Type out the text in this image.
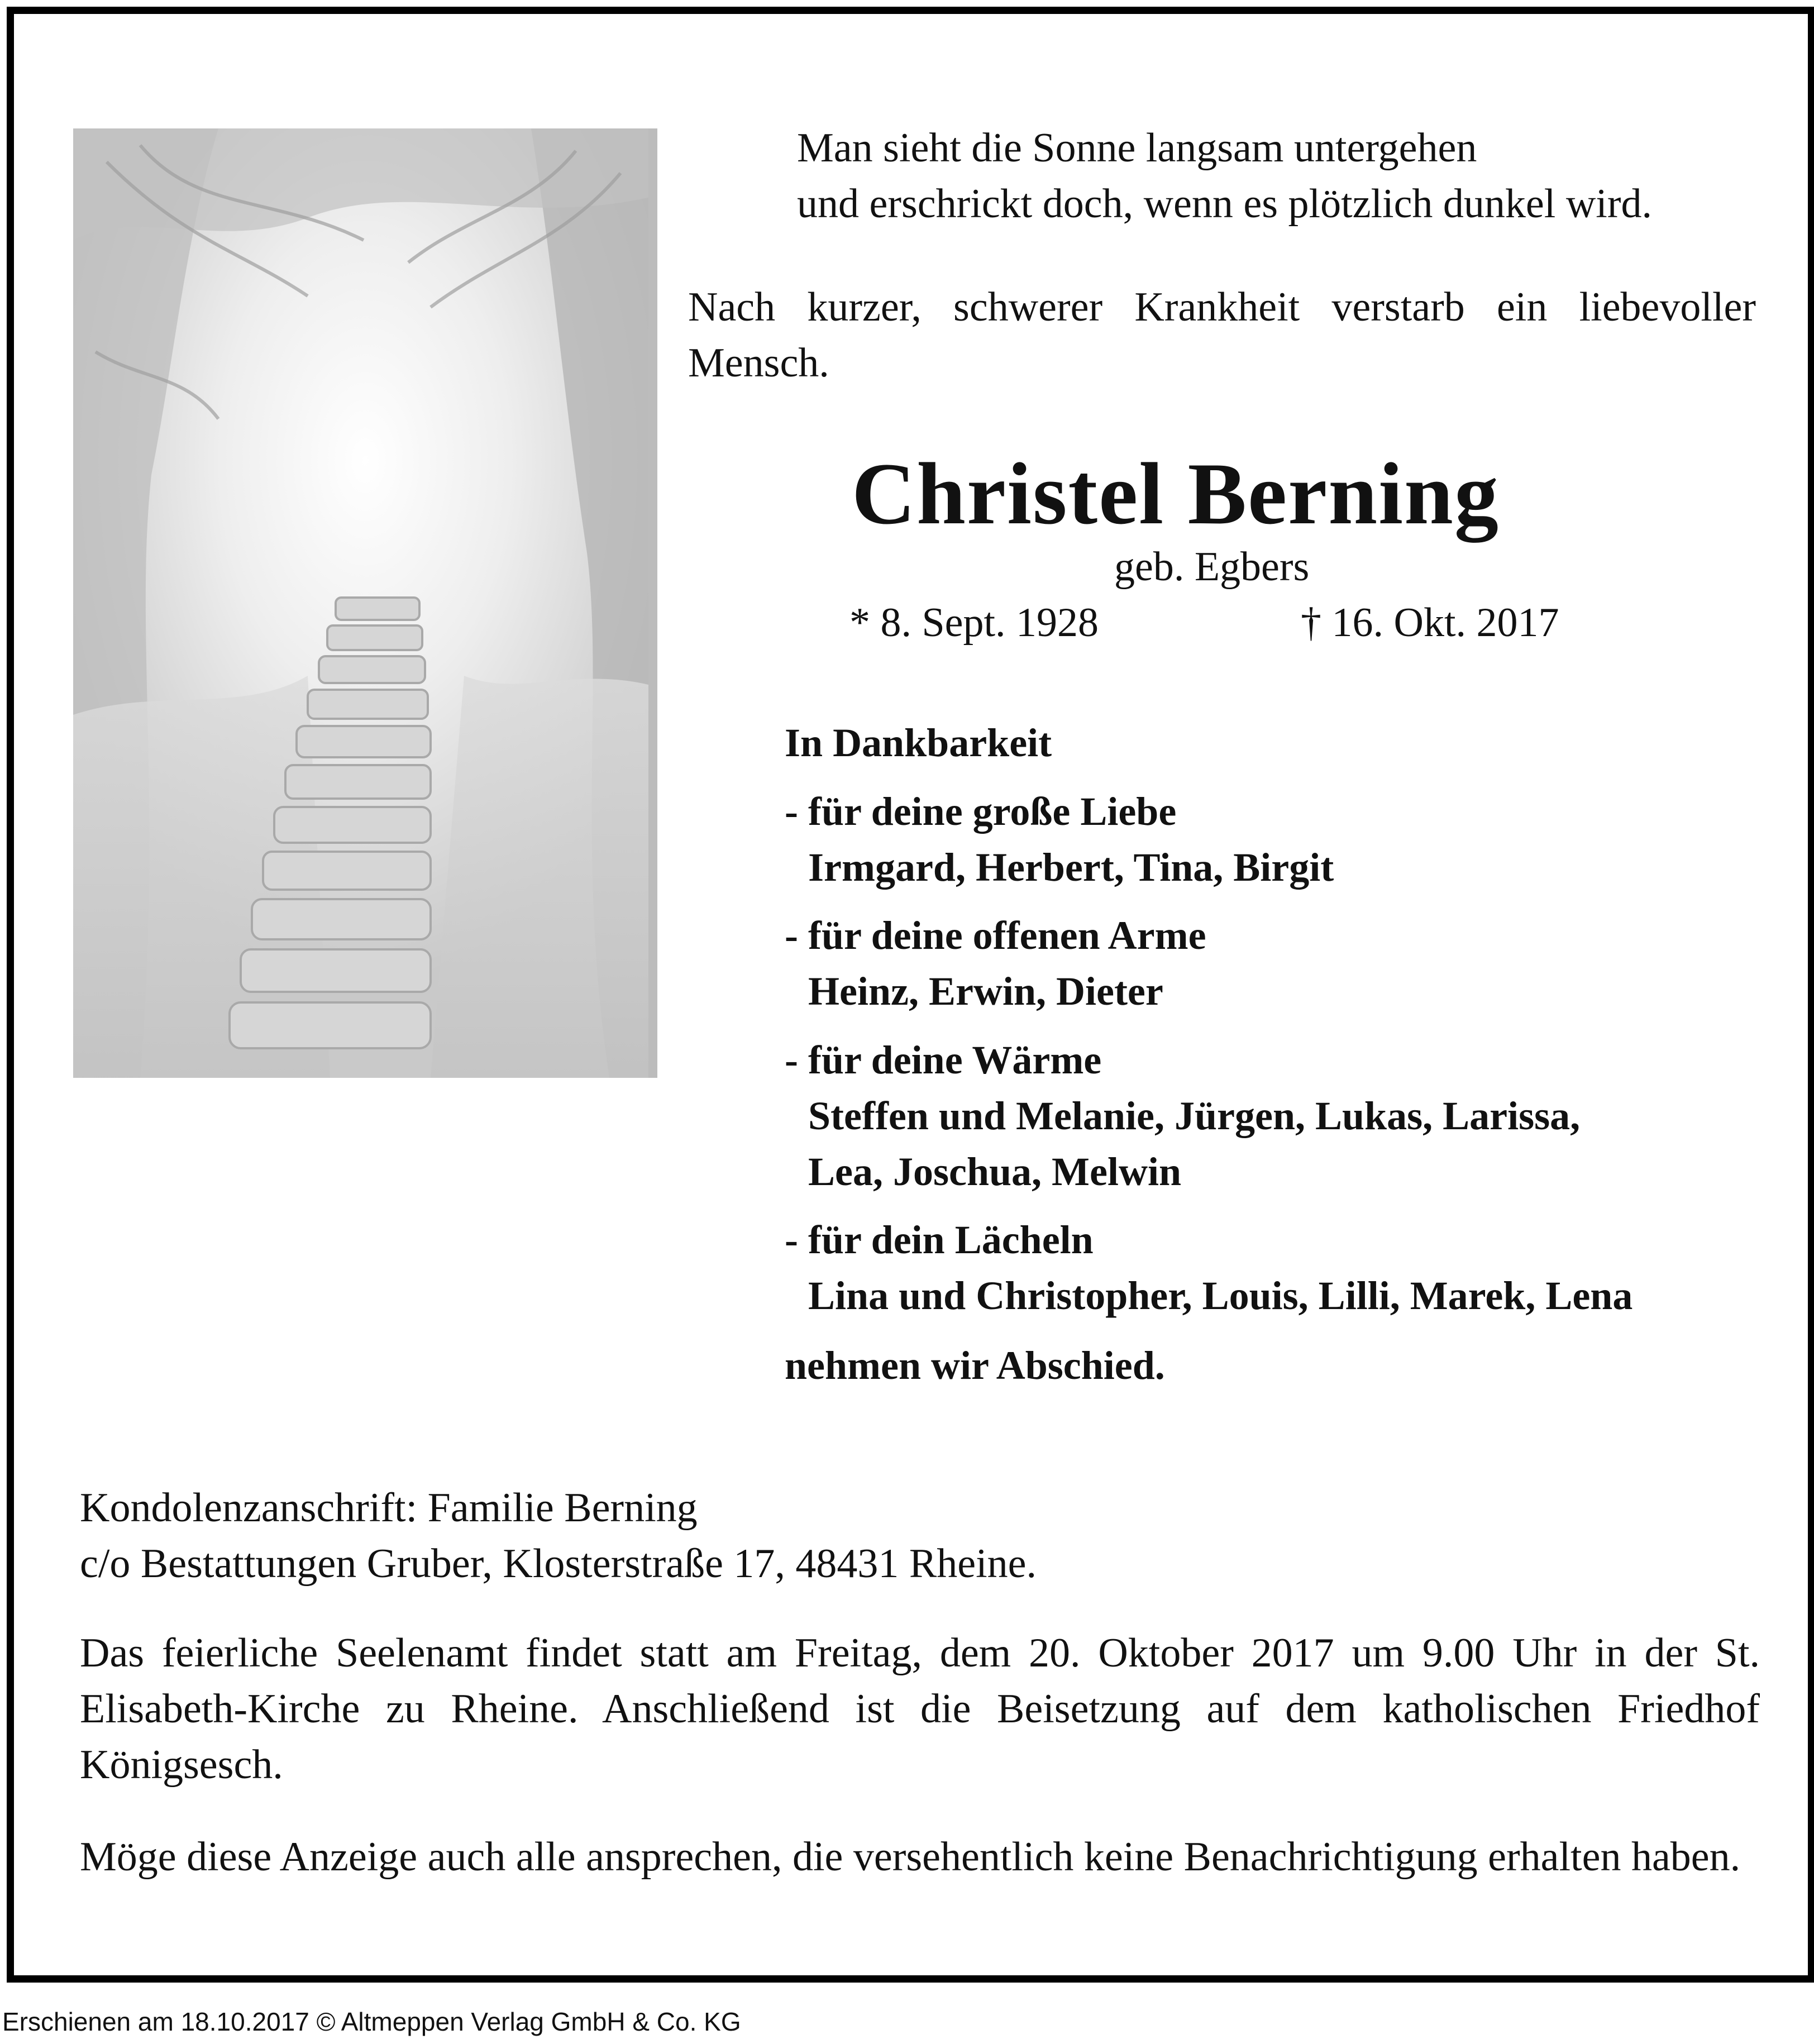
Man sieht die Sonne langsam untergehen
und erschrickt doch, wenn es plötzlich dunkel wird.
Nach kurzer, schwerer Krankheit verstarb ein liebevoller Mensch.
Christel Berning
geb. Egbers
* 8. Sept. 1928	† 16. Okt. 2017
In Dankbarkeit
- für deine große Liebe
Irmgard, Herbert, Tina, Birgit
- für deine offenen Arme
Heinz, Erwin, Dieter
- für deine Wärme
Steffen und Melanie, Jürgen, Lukas, Larissa,
Lea, Joschua, Melwin
- für dein Lächeln
Lina und Christopher, Louis, Lilli, Marek, Lena
nehmen wir Abschied.
Kondolenzanschrift: Familie Berning
c/o Bestattungen Gruber, Klosterstraße 17, 48431 Rheine.
Das feierliche Seelenamt findet statt am Freitag, dem 20. Oktober 2017 um 9.00 Uhr in der St. Elisabeth-Kirche zu Rheine. Anschließend ist die Beisetzung auf dem katholischen Friedhof Königsesch.
Möge diese Anzeige auch alle ansprechen, die versehentlich keine Benachrichtigung erhalten haben.
Erschienen am 18.10.2017 © Altmeppen Verlag GmbH & Co. KG
